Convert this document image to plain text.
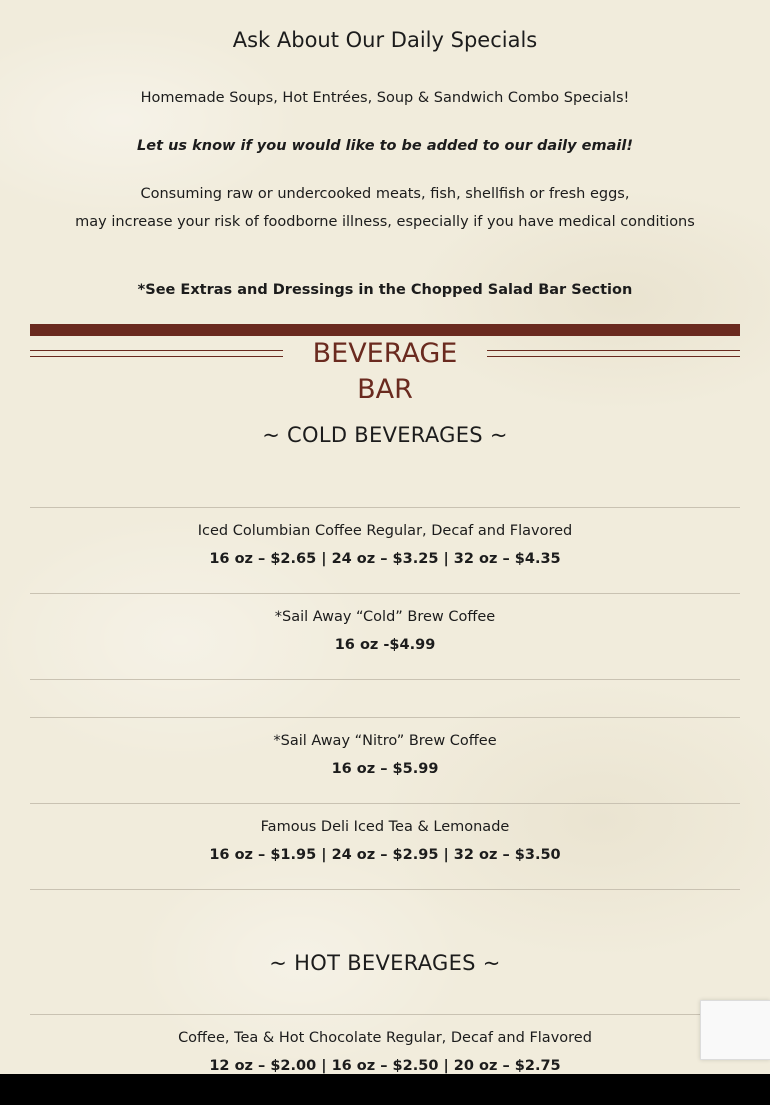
Ask About Our Daily Specials
Homemade Soups, Hot Entrées, Soup & Sandwich Combo Specials!
Let us know if you would like to be added to our daily email!
Consuming raw or undercooked meats, fish, shellfish or fresh eggs,
may increase your risk of foodborne illness, especially if you have medical conditions
*See Extras and Dressings in the Chopped Salad Bar Section
BEVERAGE BAR
~ COLD BEVERAGES ~
Iced Columbian Coffee Regular, Decaf and Flavored
16 oz – $2.65 | 24 oz – $3.25 | 32 oz – $4.35
*Sail Away “Cold” Brew Coffee
16 oz -$4.99
*Sail Away “Nitro” Brew Coffee
16 oz – $5.99
Famous Deli Iced Tea & Lemonade
16 oz – $1.95 | 24 oz – $2.95 | 32 oz – $3.50
~ HOT BEVERAGES ~
Coffee, Tea & Hot Chocolate Regular, Decaf and Flavored
12 oz – $2.00 | 16 oz – $2.50 | 20 oz – $2.75
